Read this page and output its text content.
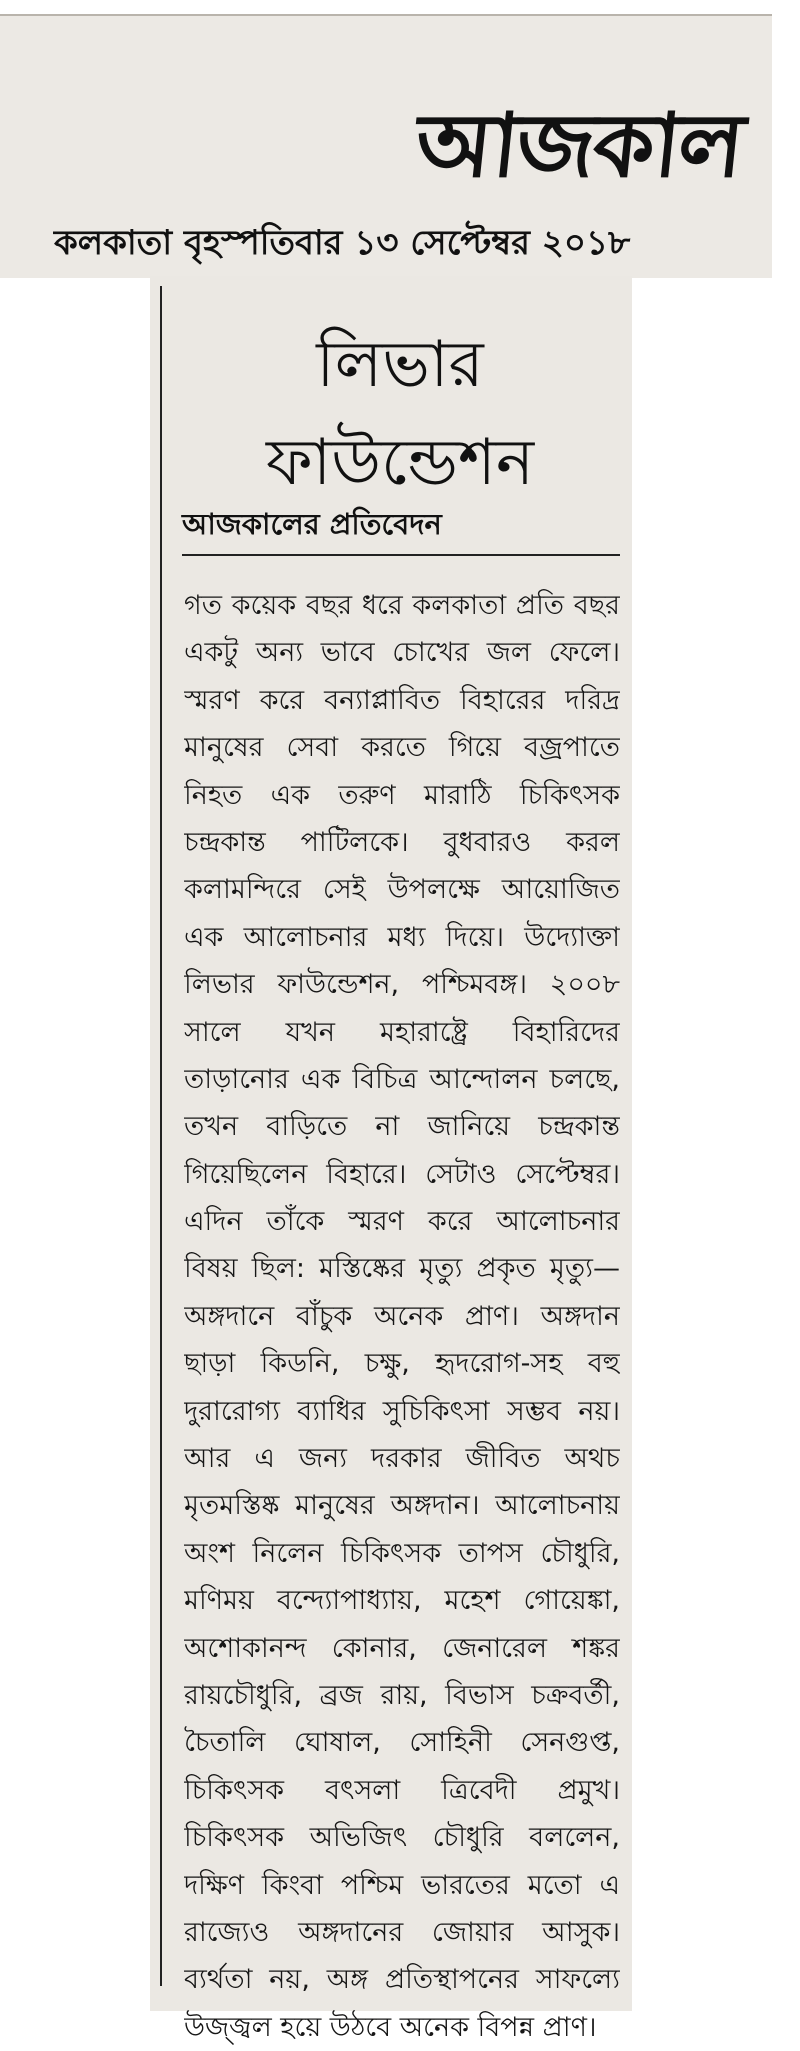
আজকাল
কলকাতা বৃহস্পতিবার ১৩ সেপ্টেম্বর ২০১৮
লিভার
ফাউন্ডেশন
আজকালের প্রতিবেদন
গত কয়েক বছর ধরে কলকাতা প্রতি বছর
একটু অন্য ভাবে চোখের জল ফেলে।
স্মরণ করে বন্যাপ্লাবিত বিহারের দরিদ্র
মানুষের সেবা করতে গিয়ে বজ্রপাতে
নিহত এক তরুণ মারাঠি চিকিৎসক
চন্দ্রকান্ত পাটিলকে। বুধবারও করল
কলামন্দিরে সেই উপলক্ষে আয়োজিত
এক আলোচনার মধ্য দিয়ে। উদ্যোক্তা
লিভার ফাউন্ডেশন, পশ্চিমবঙ্গ। ২০০৮
সালে যখন মহারাষ্ট্রে বিহারিদের
তাড়ানোর এক বিচিত্র আন্দোলন চলছে,
তখন বাড়িতে না জানিয়ে চন্দ্রকান্ত
গিয়েছিলেন বিহারে। সেটাও সেপ্টেম্বর।
এদিন তাঁকে স্মরণ করে আলোচনার
বিষয় ছিল: মস্তিষ্কের মৃত্যু প্রকৃত মৃত্যু—
অঙ্গদানে বাঁচুক অনেক প্রাণ। অঙ্গদান
ছাড়া কিডনি, চক্ষু, হৃদরোগ-সহ বহু
দুরারোগ্য ব্যাধির সুচিকিৎসা সম্ভব নয়।
আর এ জন্য দরকার জীবিত অথচ
মৃতমস্তিষ্ক মানুষের অঙ্গদান। আলোচনায়
অংশ নিলেন চিকিৎসক তাপস চৌধুরি,
মণিময় বন্দ্যোপাধ্যায়, মহেশ গোয়েঙ্কা,
অশোকানন্দ কোনার, জেনারেল শঙ্কর
রায়চৌধুরি, ব্রজ রায়, বিভাস চক্রবর্তী,
চৈতালি ঘোষাল, সোহিনী সেনগুপ্ত,
চিকিৎসক বৎসলা ত্রিবেদী প্রমুখ।
চিকিৎসক অভিজিৎ চৌধুরি বললেন,
দক্ষিণ কিংবা পশ্চিম ভারতের মতো এ
রাজ্যেও অঙ্গদানের জোয়ার আসুক।
ব্যর্থতা নয়, অঙ্গ প্রতিস্থাপনের সাফল্যে
উজ্জ্বল হয়ে উঠবে অনেক বিপন্ন প্রাণ।
